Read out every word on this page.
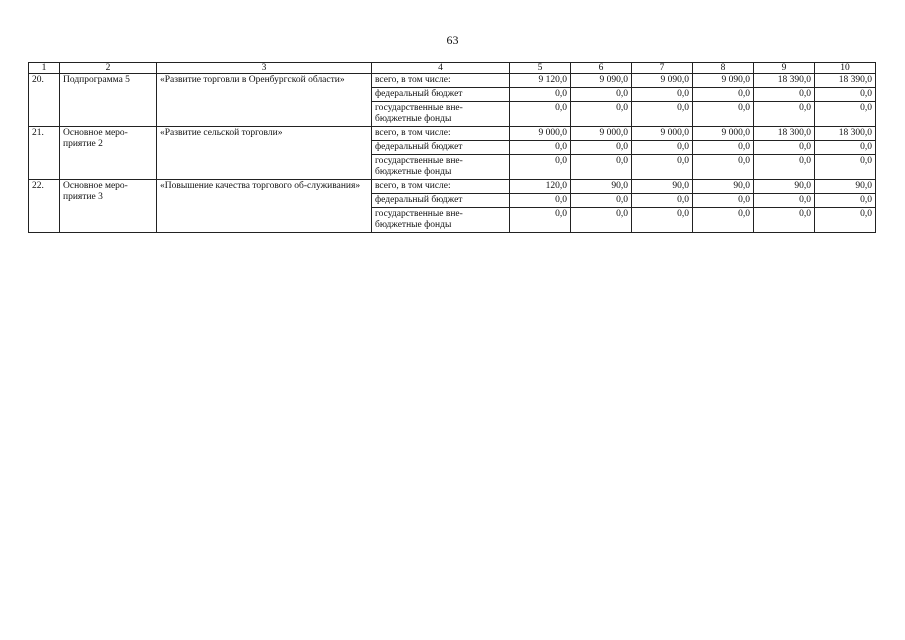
63
1	2	3	4	5	6	7	8	9	10
20.	Подпрограмма 5	«Развитие торговли в Оренбургской области»	всего, в том числе:	9 120,0	9 090,0	9 090,0	9 090,0	18 390,0	18 390,0
			федеральный бюджет	0,0	0,0	0,0	0,0	0,0	0,0
			государственные вне-бюджетные фонды	0,0	0,0	0,0	0,0	0,0	0,0
21.	Основное меро-приятие 2	«Развитие сельской торговли»	всего, в том числе:	9 000,0	9 000,0	9 000,0	9 000,0	18 300,0	18 300,0
			федеральный бюджет	0,0	0,0	0,0	0,0	0,0	0,0
			государственные вне-бюджетные фонды	0,0	0,0	0,0	0,0	0,0	0,0
22.	Основное меро-приятие 3	«Повышение качества торгового об-служивания»	всего, в том числе:	120,0	90,0	90,0	90,0	90,0	90,0
			федеральный бюджет	0,0	0,0	0,0	0,0	0,0	0,0
			государственные вне-бюджетные фонды	0,0	0,0	0,0	0,0	0,0	0,0
